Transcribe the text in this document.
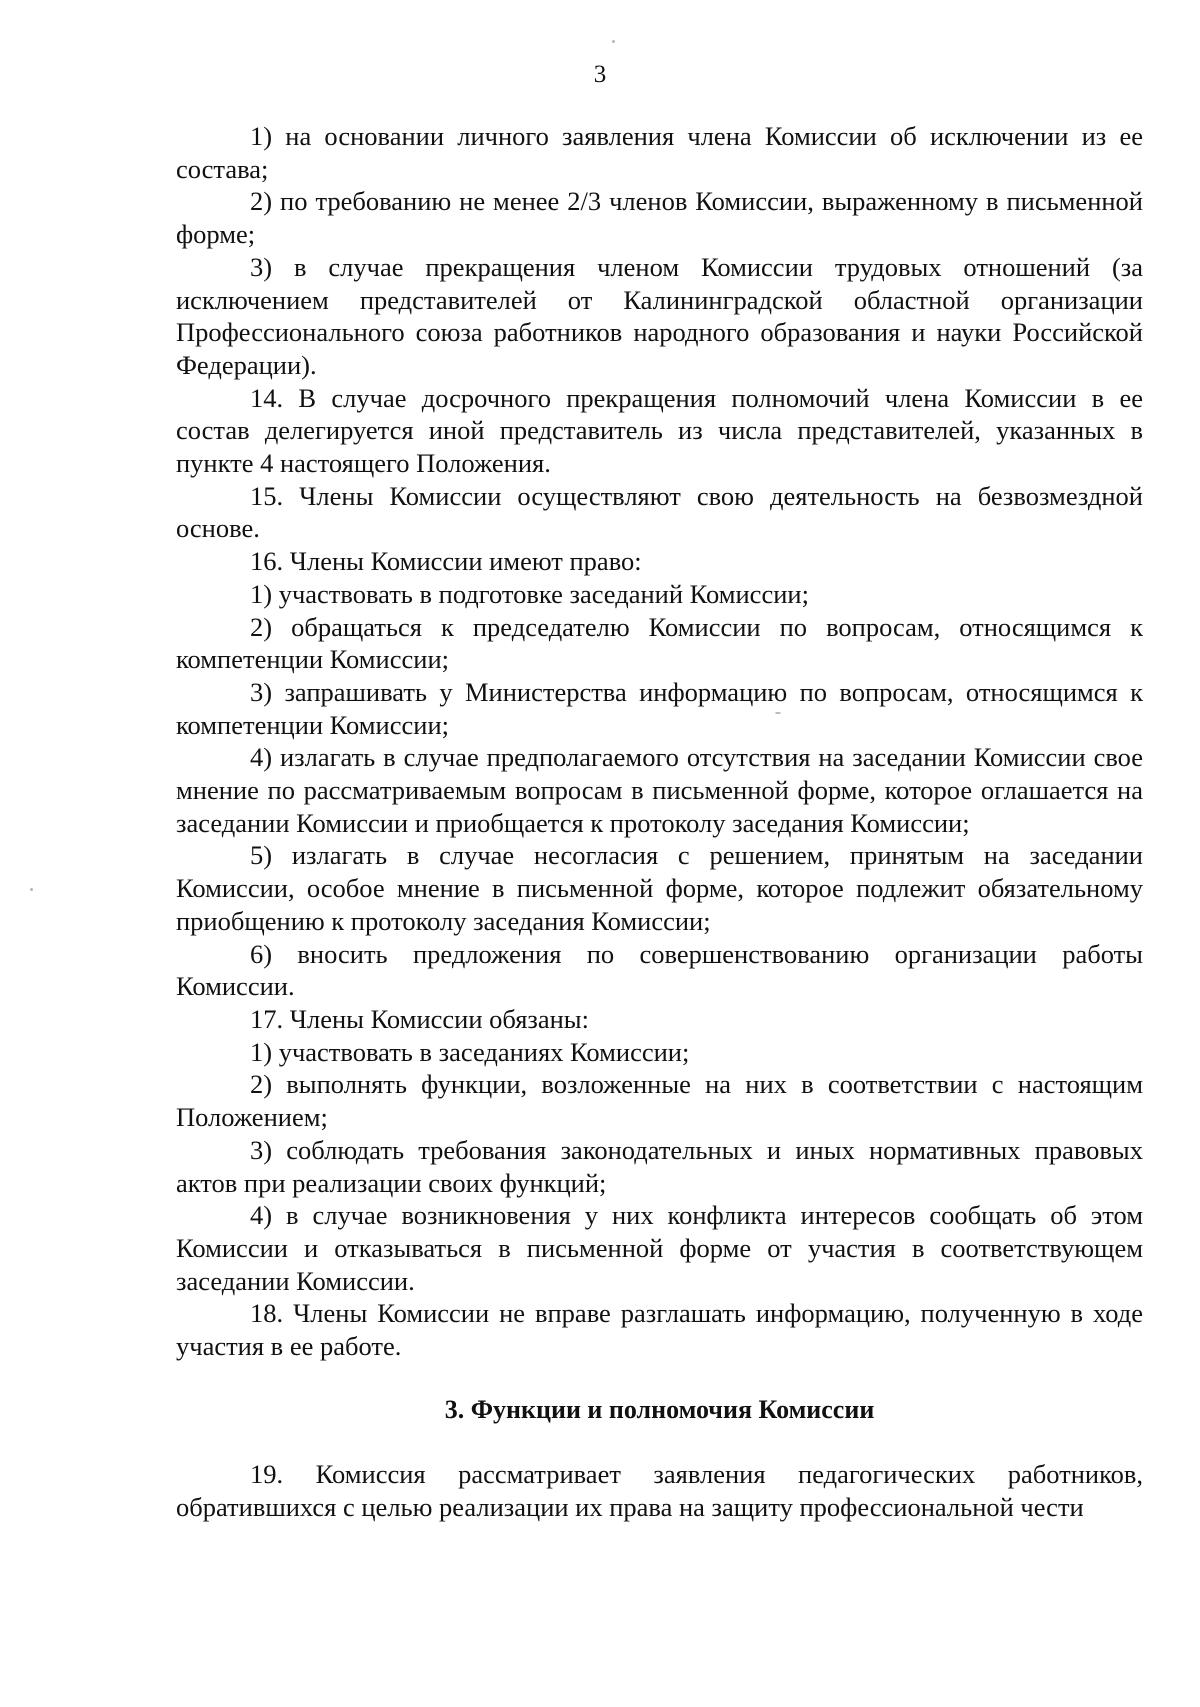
3

1) на основании личного заявления члена Комиссии об исключении из ее состава;

2) по требованию не менее 2/3 членов Комиссии, выраженному в письменной форме;

3) в случае прекращения членом Комиссии трудовых отношений (за исключением представителей от Калининградской областной организации Профессионального союза работников народного образования и науки Российской Федерации).

14. В случае досрочного прекращения полномочий члена Комиссии в ее состав делегируется иной представитель из числа представителей, указанных в пункте 4 настоящего Положения.

15. Члены Комиссии осуществляют свою деятельность на безвозмездной основе.

16. Члены Комиссии имеют право:

1) участвовать в подготовке заседаний Комиссии;

2) обращаться к председателю Комиссии по вопросам, относящимся к компетенции Комиссии;

3) запрашивать у Министерства информацию по вопросам, относящимся к компетенции Комиссии;

4) излагать в случае предполагаемого отсутствия на заседании Комиссии свое мнение по рассматриваемым вопросам в письменной форме, которое оглашается на заседании Комиссии и приобщается к протоколу заседания Комиссии;

5) излагать в случае несогласия с решением, принятым на заседании Комиссии, особое мнение в письменной форме, которое подлежит обязательному приобщению к протоколу заседания Комиссии;

6) вносить предложения по совершенствованию организации работы Комиссии.

17. Члены Комиссии обязаны:

1) участвовать в заседаниях Комиссии;

2) выполнять функции, возложенные на них в соответствии с настоящим Положением;

3) соблюдать требования законодательных и иных нормативных правовых актов при реализации своих функций;

4) в случае возникновения у них конфликта интересов сообщать об этом Комиссии и отказываться в письменной форме от участия в соответствующем заседании Комиссии.

18. Члены Комиссии не вправе разглашать информацию, полученную в ходе участия в ее работе.

3. Функции и полномочия Комиссии

19. Комиссия рассматривает заявления педагогических работников, обратившихся с целью реализации их права на защиту профессиональной чести
